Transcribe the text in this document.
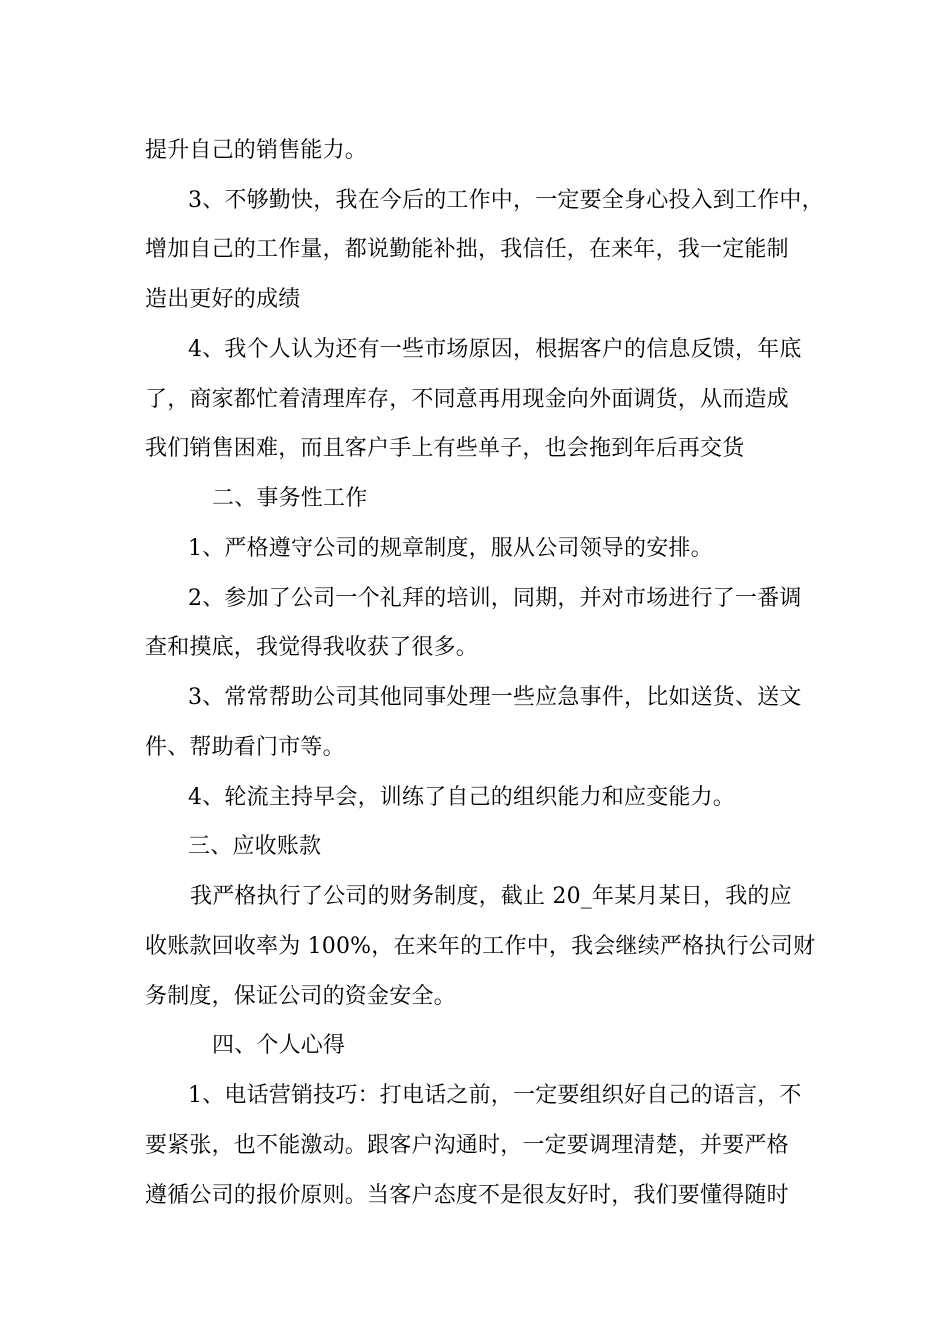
提升自己的销售能力。
3、不够勤快，我在今后的工作中，一定要全身心投入到工作中，
增加自己的工作量，都说勤能补拙，我信任，在来年，我一定能制
造出更好的成绩
4、我个人认为还有一些市场原因，根据客户的信息反馈，年底
了，商家都忙着清理库存，不同意再用现金向外面调货，从而造成
我们销售困难，而且客户手上有些单子，也会拖到年后再交货
二、事务性工作
1、严格遵守公司的规章制度，服从公司领导的安排。
2、参加了公司一个礼拜的培训，同期，并对市场进行了一番调
查和摸底，我觉得我收获了很多。
3、常常帮助公司其他同事处理一些应急事件，比如送货、送文
件、帮助看门市等。
4、轮流主持早会，训练了自己的组织能力和应变能力。
三、应收账款
我严格执行了公司的财务制度，截止 20_年某月某日，我的应
收账款回收率为 100%，在来年的工作中，我会继续严格执行公司财
务制度，保证公司的资金安全。
四、个人心得
1、电话营销技巧：打电话之前，一定要组织好自己的语言，不
要紧张，也不能激动。跟客户沟通时，一定要调理清楚，并要严格
遵循公司的报价原则。当客户态度不是很友好时，我们要懂得随时
